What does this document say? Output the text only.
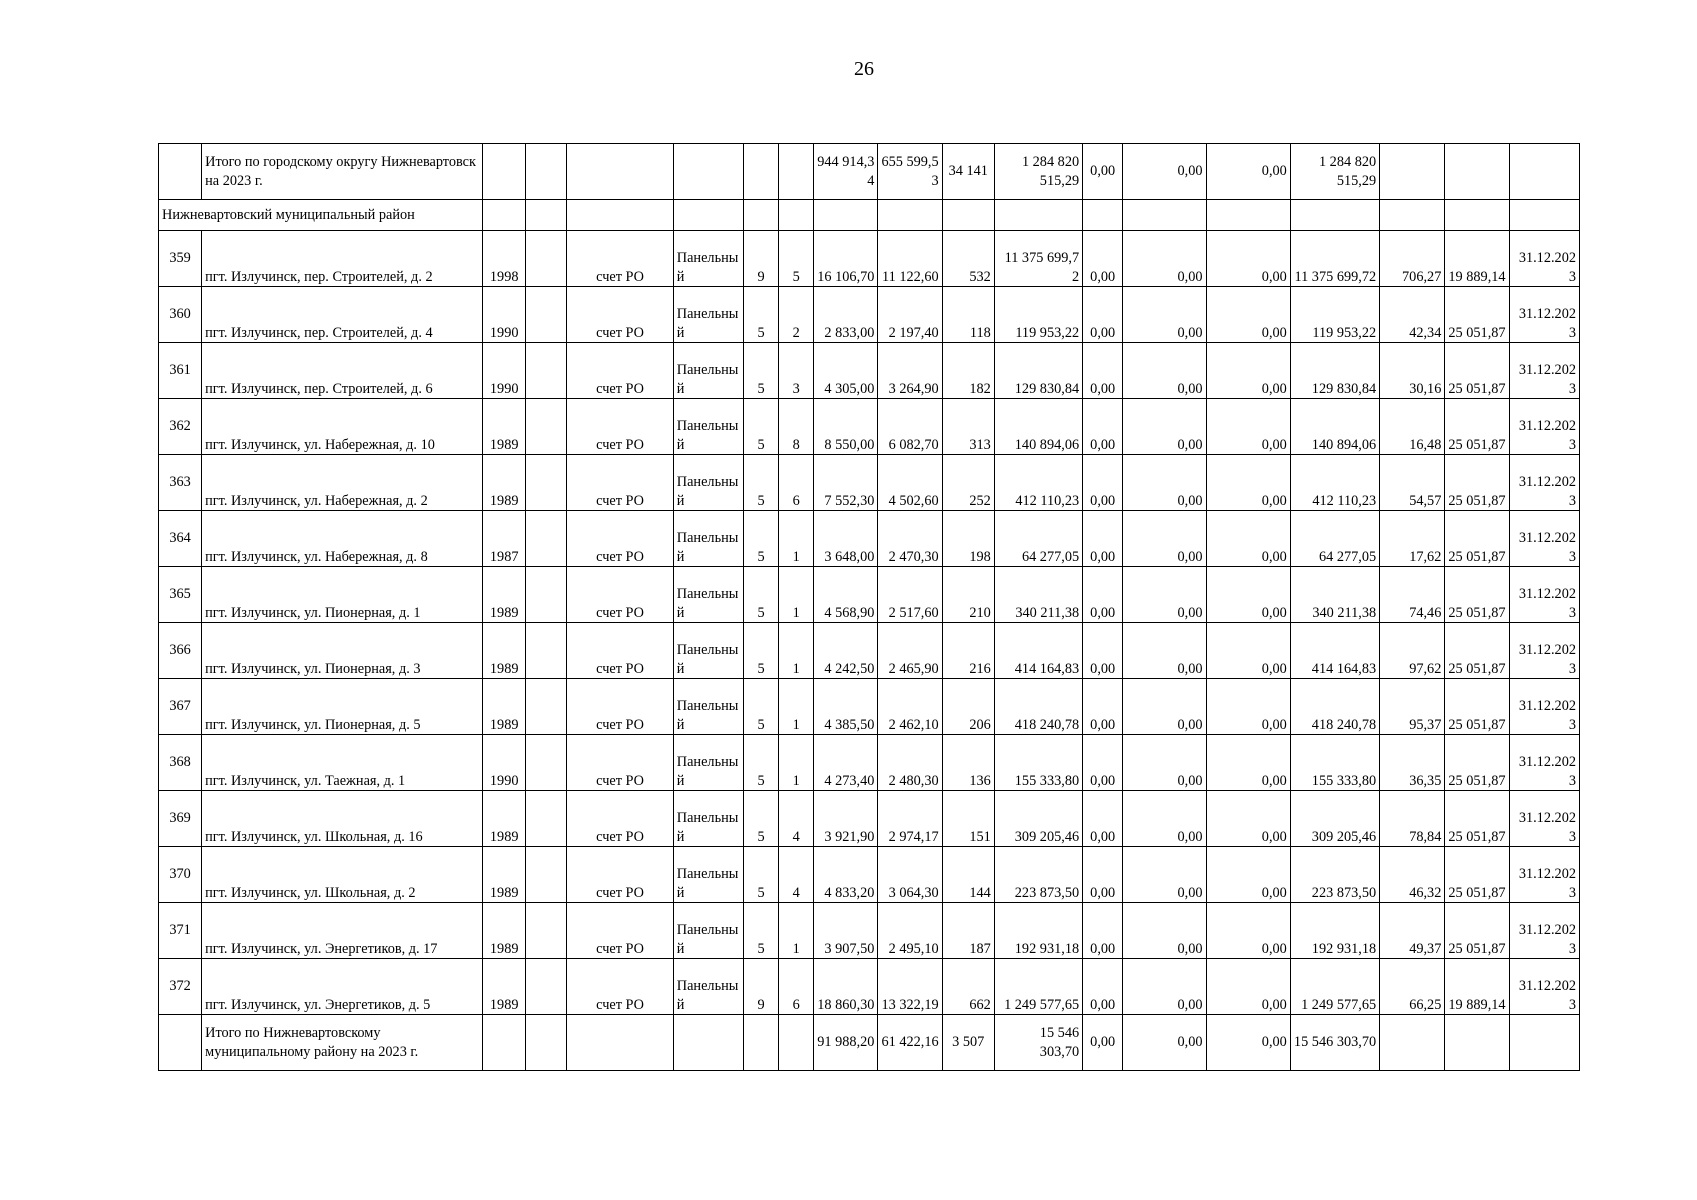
26
	Итого по городскому округу Нижневартовск на 2023 г.							944 914,34	655 599,53	34 141	1 284 820 515,29	0,00	0,00	0,00	1 284 820 515,29			
Нижневартовский муниципальный район																		

359	пгт. Излучинск, пер. Строителей, д. 2	1998		счет РО	Панельный	9	5	16 106,70	11 122,60	532	11 375 699,72	0,00	0,00	0,00	11 375 699,72	706,27	19 889,14	31.12.2023

360	пгт. Излучинск, пер. Строителей, д. 4	1990		счет РО	Панельный	5	2	2 833,00	2 197,40	118	119 953,22	0,00	0,00	0,00	119 953,22	42,34	25 051,87	31.12.2023

361	пгт. Излучинск, пер. Строителей, д. 6	1990		счет РО	Панельный	5	3	4 305,00	3 264,90	182	129 830,84	0,00	0,00	0,00	129 830,84	30,16	25 051,87	31.12.2023

362	пгт. Излучинск, ул. Набережная, д. 10	1989		счет РО	Панельный	5	8	8 550,00	6 082,70	313	140 894,06	0,00	0,00	0,00	140 894,06	16,48	25 051,87	31.12.2023

363	пгт. Излучинск, ул. Набережная, д. 2	1989		счет РО	Панельный	5	6	7 552,30	4 502,60	252	412 110,23	0,00	0,00	0,00	412 110,23	54,57	25 051,87	31.12.2023

364	пгт. Излучинск, ул. Набережная, д. 8	1987		счет РО	Панельный	5	1	3 648,00	2 470,30	198	64 277,05	0,00	0,00	0,00	64 277,05	17,62	25 051,87	31.12.2023

365	пгт. Излучинск, ул. Пионерная, д. 1	1989		счет РО	Панельный	5	1	4 568,90	2 517,60	210	340 211,38	0,00	0,00	0,00	340 211,38	74,46	25 051,87	31.12.2023

366	пгт. Излучинск, ул. Пионерная, д. 3	1989		счет РО	Панельный	5	1	4 242,50	2 465,90	216	414 164,83	0,00	0,00	0,00	414 164,83	97,62	25 051,87	31.12.2023

367	пгт. Излучинск, ул. Пионерная, д. 5	1989		счет РО	Панельный	5	1	4 385,50	2 462,10	206	418 240,78	0,00	0,00	0,00	418 240,78	95,37	25 051,87	31.12.2023

368	пгт. Излучинск, ул. Таежная, д. 1	1990		счет РО	Панельный	5	1	4 273,40	2 480,30	136	155 333,80	0,00	0,00	0,00	155 333,80	36,35	25 051,87	31.12.2023

369	пгт. Излучинск, ул. Школьная, д. 16	1989		счет РО	Панельный	5	4	3 921,90	2 974,17	151	309 205,46	0,00	0,00	0,00	309 205,46	78,84	25 051,87	31.12.2023

370	пгт. Излучинск, ул. Школьная, д. 2	1989		счет РО	Панельный	5	4	4 833,20	3 064,30	144	223 873,50	0,00	0,00	0,00	223 873,50	46,32	25 051,87	31.12.2023

371	пгт. Излучинск, ул. Энергетиков, д. 17	1989		счет РО	Панельный	5	1	3 907,50	2 495,10	187	192 931,18	0,00	0,00	0,00	192 931,18	49,37	25 051,87	31.12.2023

372	пгт. Излучинск, ул. Энергетиков, д. 5	1989		счет РО	Панельный	9	6	18 860,30	13 322,19	662	1 249 577,65	0,00	0,00	0,00	1 249 577,65	66,25	19 889,14	31.12.2023

	Итого по Нижневартовскому муниципальному району на 2023 г.							91 988,20	61 422,16	3 507	15 546 303,70	0,00	0,00	0,00	15 546 303,70			
